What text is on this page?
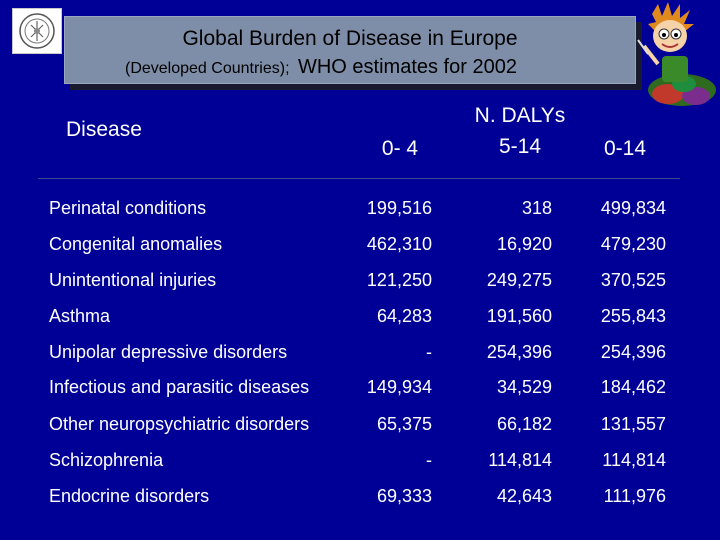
Global Burden of Disease in Europe
(Developed Countries); WHO estimates for 2002
Disease
N. DALYs
0- 4	5-14	0-14
Perinatal conditions	199,516	318	499,834
Congenital anomalies	462,310	16,920	479,230
Unintentional injuries	121,250	249,275	370,525
Asthma	64,283	191,560	255,843
Unipolar depressive disorders	-	254,396	254,396
Infectious and parasitic diseases	149,934	34,529	184,462
Other neuropsychiatric disorders	65,375	66,182	131,557
Schizophrenia	-	114,814	114,814
Endocrine disorders	69,333	42,643	111,976
